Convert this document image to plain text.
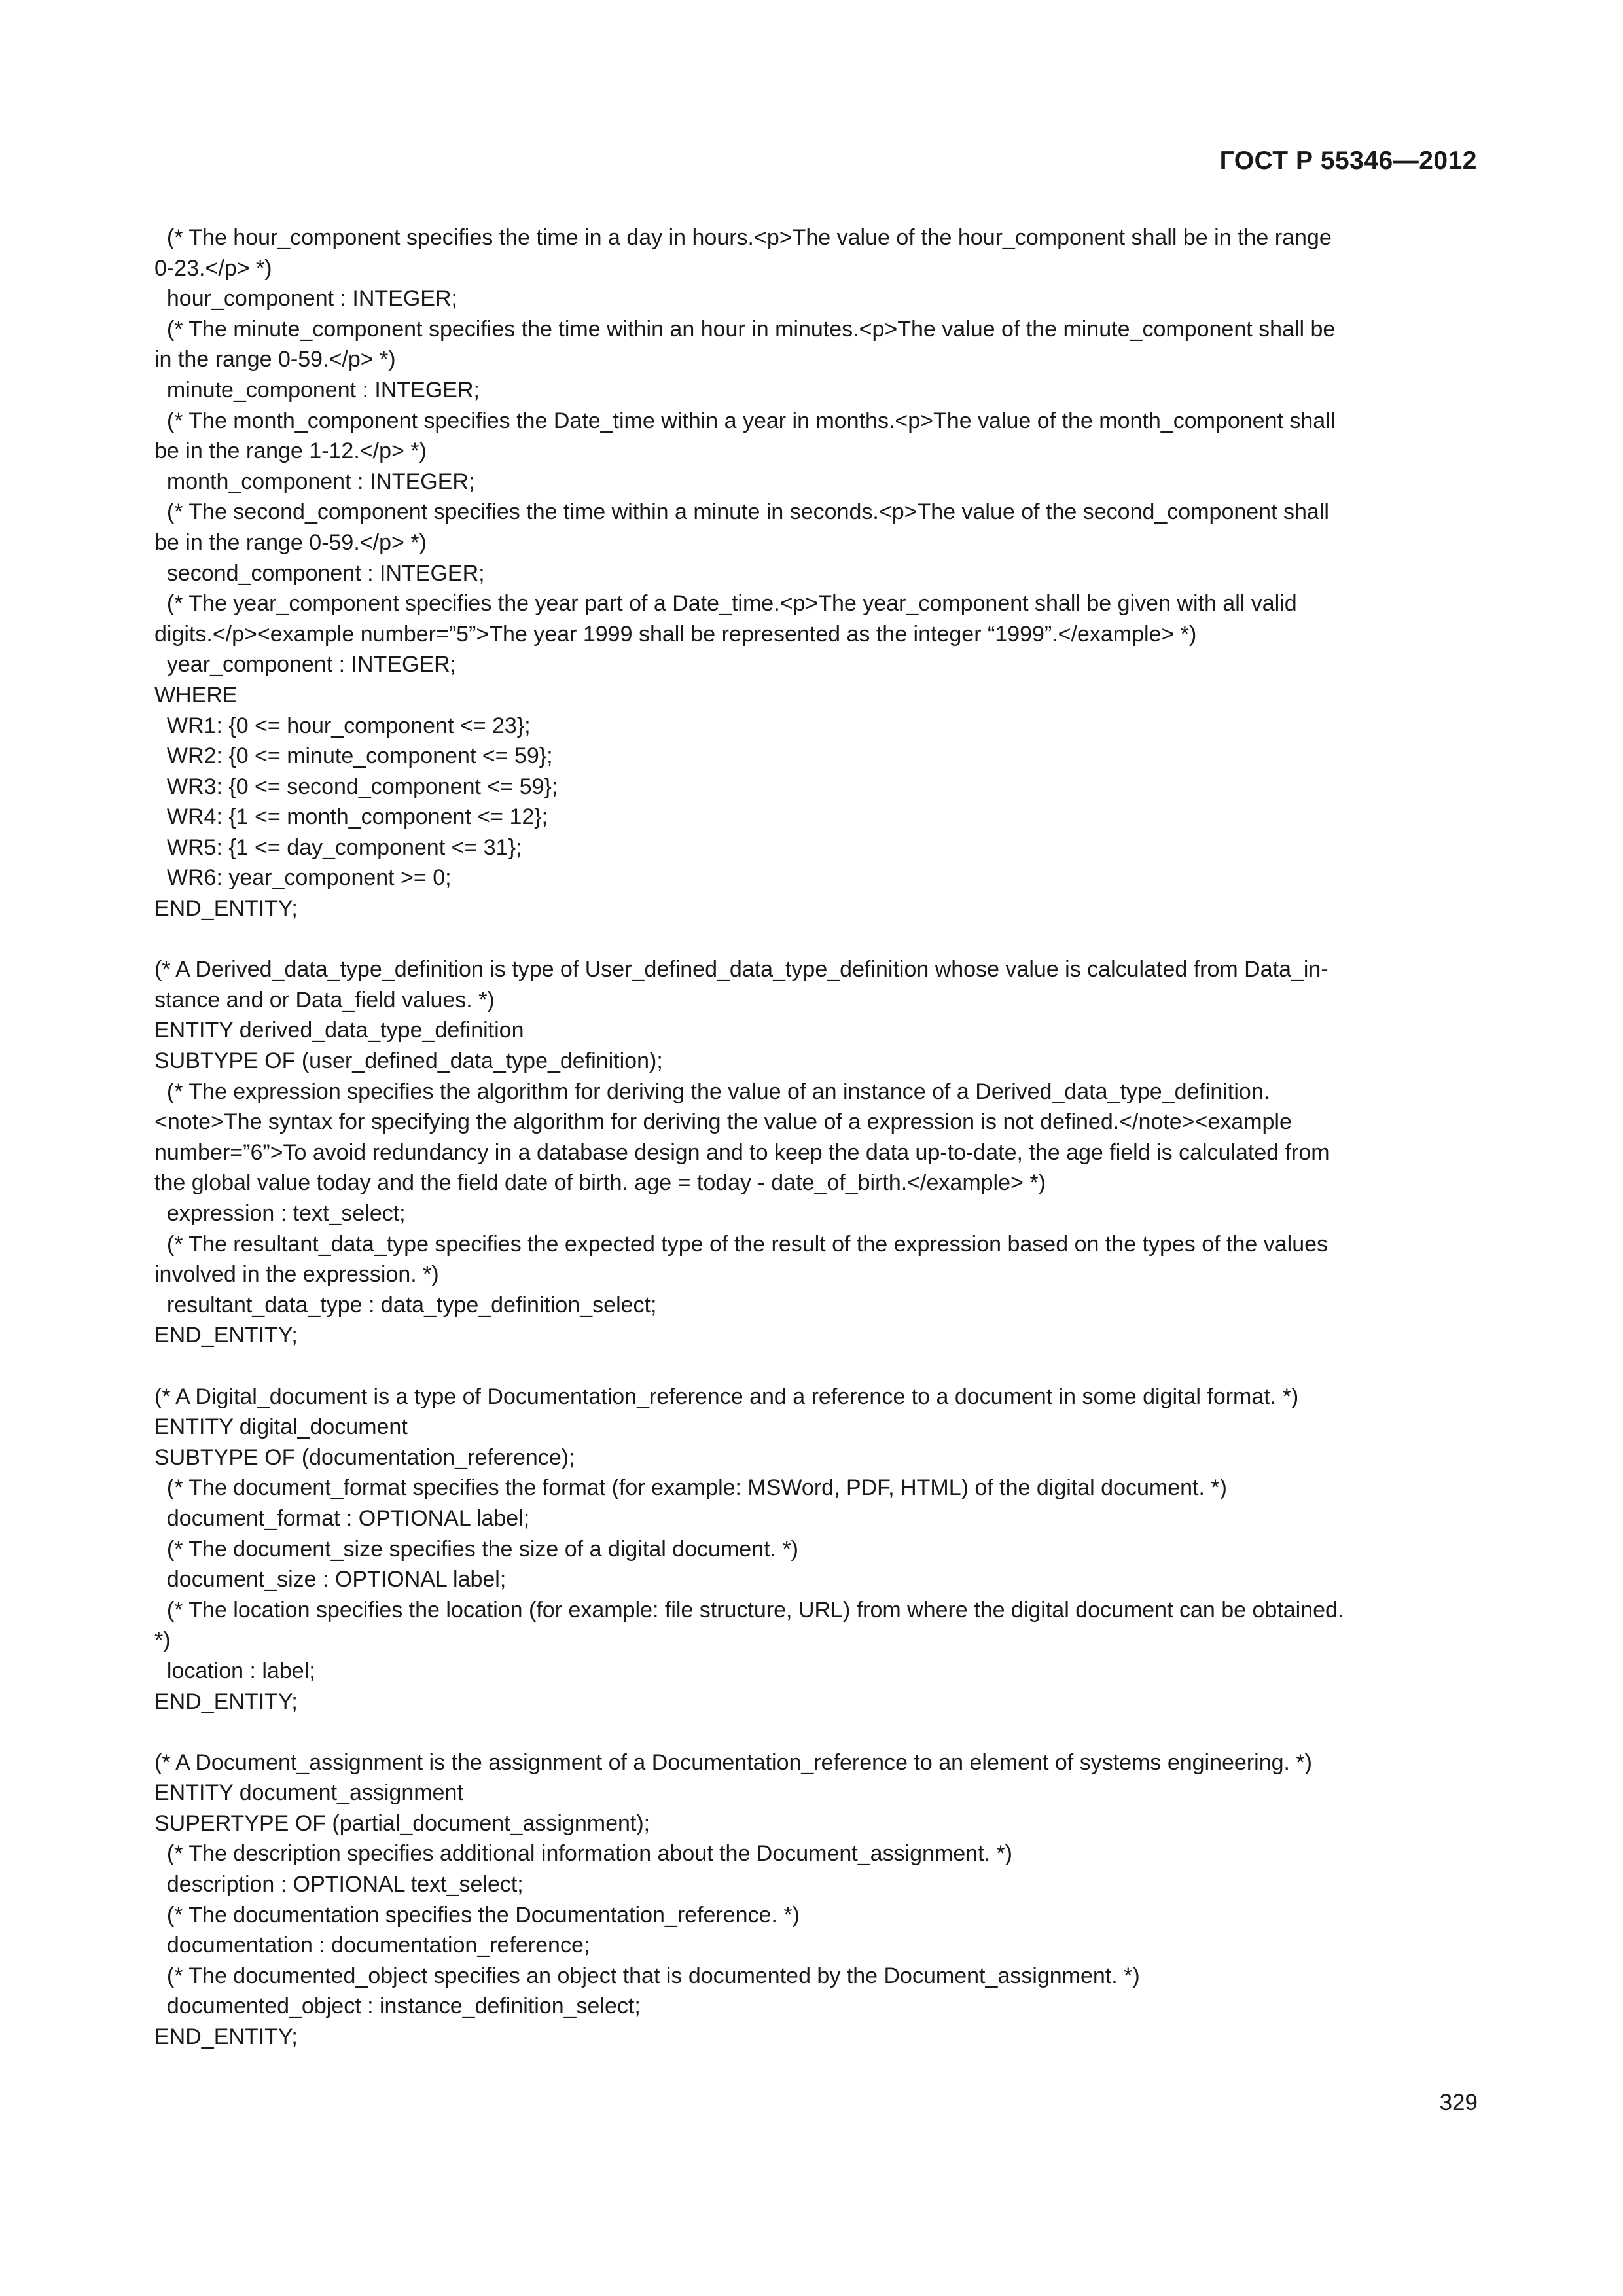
ГОСТ Р 55346—2012
(* The hour_component specifies the time in a day in hours.<p>The value of the hour_component shall be in the range
0-23.</p> *)
hour_component : INTEGER;
(* The minute_component specifies the time within an hour in minutes.<p>The value of the minute_component shall be
in the range 0-59.</p> *)
minute_component : INTEGER;
(* The month_component specifies the Date_time within a year in months.<p>The value of the month_component shall
be in the range 1-12.</p> *)
month_component : INTEGER;
(* The second_component specifies the time within a minute in seconds.<p>The value of the second_component shall
be in the range 0-59.</p> *)
second_component : INTEGER;
(* The year_component specifies the year part of a Date_time.<p>The year_component shall be given with all valid
digits.</p><example number=”5”>The year 1999 shall be represented as the integer “1999”.</example> *)
year_component : INTEGER;
WHERE
WR1: {0 <= hour_component <= 23};
WR2: {0 <= minute_component <= 59};
WR3: {0 <= second_component <= 59};
WR4: {1 <= month_component <= 12};
WR5: {1 <= day_component <= 31};
WR6: year_component >= 0;
END_ENTITY;
(* A Derived_data_type_definition is type of User_defined_data_type_definition whose value is calculated from Data_in-
stance and or Data_field values. *)
ENTITY derived_data_type_definition
SUBTYPE OF (user_defined_data_type_definition);
(* The expression specifies the algorithm for deriving the value of an instance of a Derived_data_type_definition.
<note>The syntax for specifying the algorithm for deriving the value of a expression is not defined.</note><example
number=”6”>To avoid redundancy in a database design and to keep the data up-to-date, the age field is calculated from
the global value today and the field date of birth. age = today - date_of_birth.</example> *)
expression : text_select;
(* The resultant_data_type specifies the expected type of the result of the expression based on the types of the values
involved in the expression. *)
resultant_data_type : data_type_definition_select;
END_ENTITY;
(* A Digital_document is a type of Documentation_reference and a reference to a document in some digital format. *)
ENTITY digital_document
SUBTYPE OF (documentation_reference);
(* The document_format specifies the format (for example: MSWord, PDF, HTML) of the digital document. *)
document_format : OPTIONAL label;
(* The document_size specifies the size of a digital document. *)
document_size : OPTIONAL label;
(* The location specifies the location (for example: file structure, URL) from where the digital document can be obtained.
*)
location : label;
END_ENTITY;
(* A Document_assignment is the assignment of a Documentation_reference to an element of systems engineering. *)
ENTITY document_assignment
SUPERTYPE OF (partial_document_assignment);
(* The description specifies additional information about the Document_assignment. *)
description : OPTIONAL text_select;
(* The documentation specifies the Documentation_reference. *)
documentation : documentation_reference;
(* The documented_object specifies an object that is documented by the Document_assignment. *)
documented_object : instance_definition_select;
END_ENTITY;
329
